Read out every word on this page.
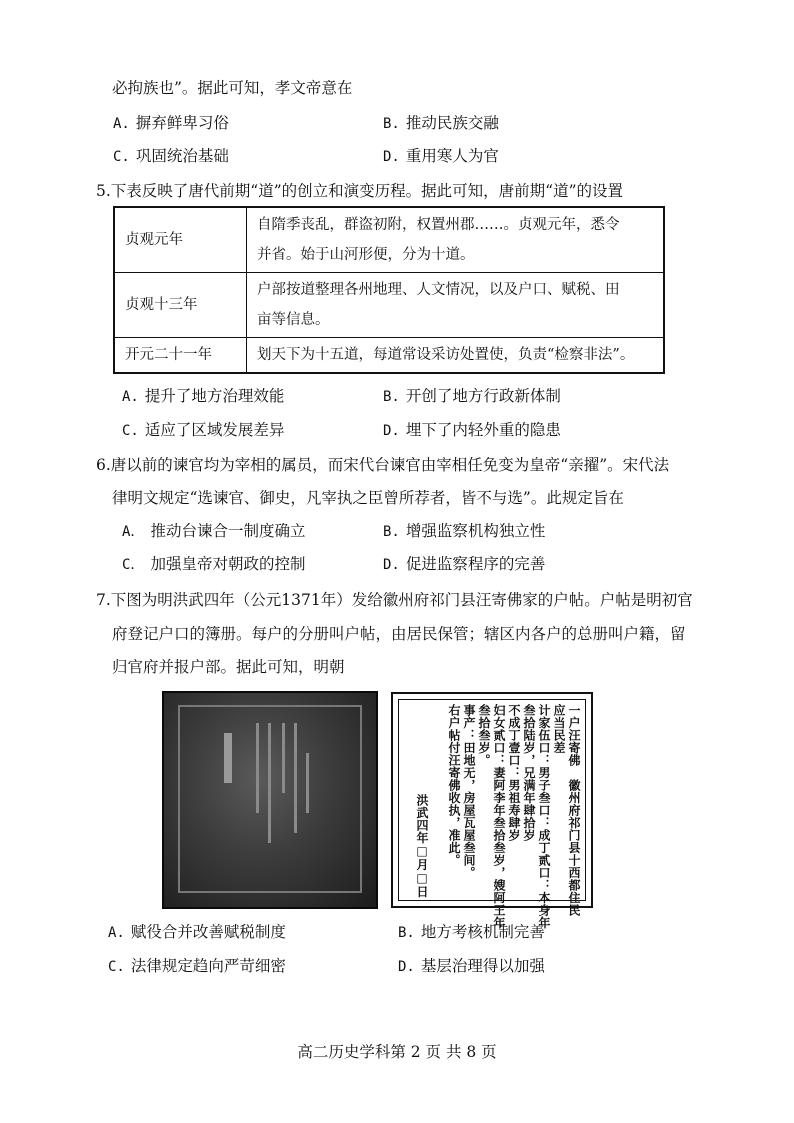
必拘族也”。据此可知，孝文帝意在
A. 摒弃鲜卑习俗	B. 推动民族交融
C. 巩固统治基础	D. 重用寒人为官
5.下表反映了唐代前期“道”的创立和演变历程。据此可知，唐前期“道”的设置
贞观元年	自隋季丧乱，群盗初附，权置州郡……。贞观元年，悉令
并省。始于山河形便，分为十道。

贞观十三年	户部按道整理各州地理、人文情况，以及户口、赋税、田
亩等信息。

开元二十一年	划天下为十五道，每道常设采访处置使，负责“检察非法”。
A. 提升了地方治理效能	B. 开创了地方行政新体制
C. 适应了区域发展差异	D. 埋下了内轻外重的隐患
6.唐以前的谏官均为宰相的属员，而宋代台谏官由宰相任免变为皇帝“亲擢”。宋代法
律明文规定“选谏官、御史，凡宰执之臣曾所荐者，皆不与选”。此规定旨在
A． 推动台谏合一制度确立	B. 增强监察机构独立性
C． 加强皇帝对朝政的控制	D. 促进监察程序的完善
7.下图为明洪武四年（公元1371年）发给徽州府祁门县汪寄佛家的户帖。户帖是明初官
府登记户口的簿册。每户的分册叫户帖，由居民保管；辖区内各户的总册叫户籍，留
归官府并报户部。据此可知，明朝
一户汪寄佛　徽州府祁门县十西都住民
应当民差
计家伍口：男子叁口：成丁贰口：本身年
叁拾陆岁，兄满年肆拾岁
不成丁壹口：男祖寿肆岁
妇女贰口：妻阿李年叁拾叁岁，嫂阿王年
叁拾叁岁。
事产：田地无，房屋瓦屋叁间。
右户帖付汪寄佛收执，准此。
洪武四年□月□日
A. 赋役合并改善赋税制度	B. 地方考核机制完善
C. 法律规定趋向严苛细密	D. 基层治理得以加强
高二历史学科第 2 页 共 8 页
